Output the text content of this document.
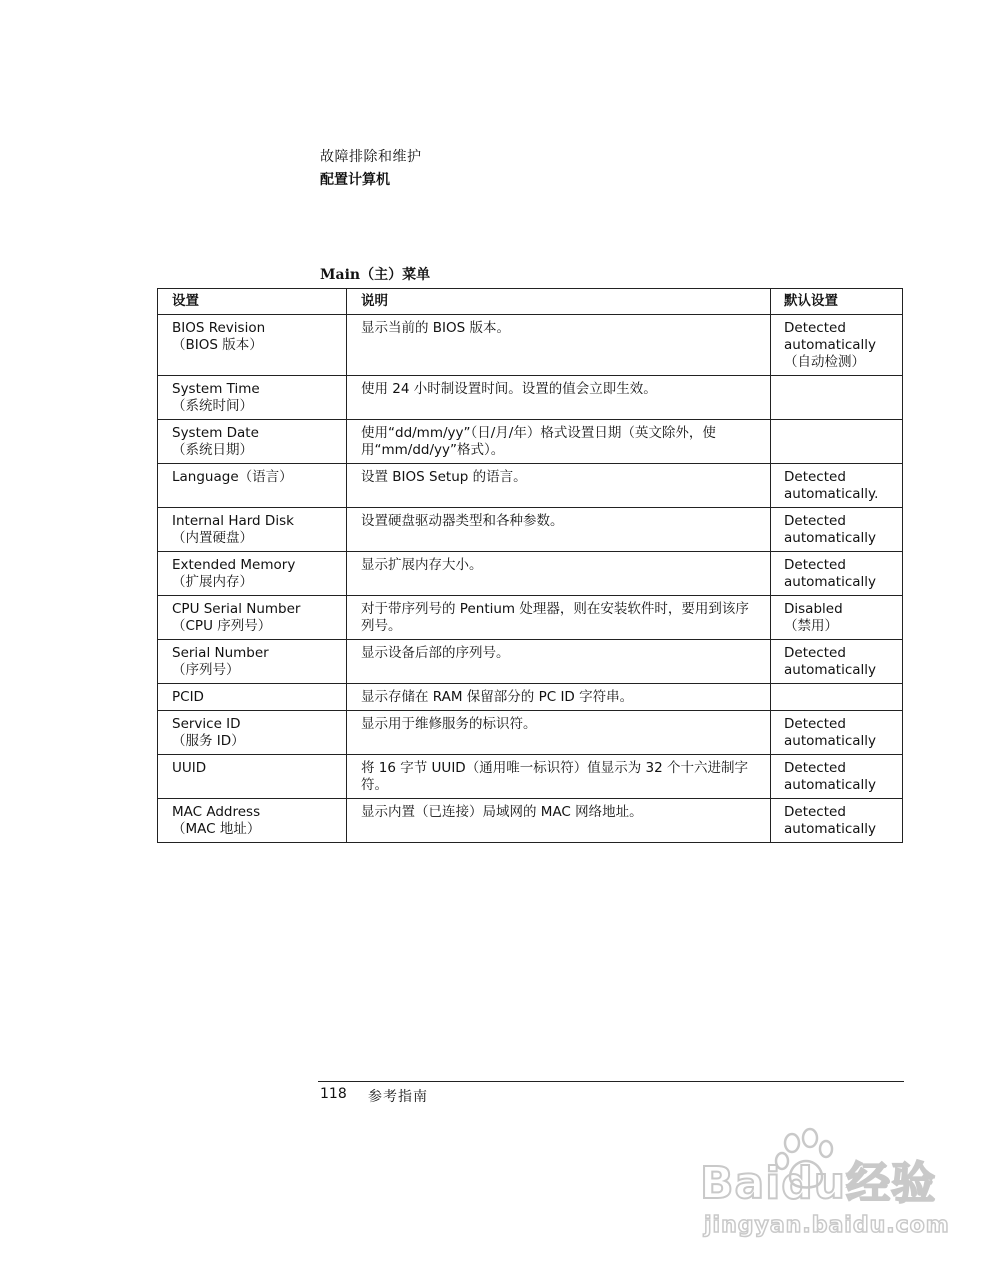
故障排除和维护
配置计算机
Main（主）菜单
设置	说明	默认设置

BIOS Revision
（BIOS 版本）	显示当前的 BIOS 版本。	Detected automatically
（自动检测）

System Time
（系统时间）	使用 24 小时制设置时间。设置的值会立即生效。	

System Date
（系统日期）	使用“dd/mm/yy”（日/月/年）格式设置日期（英文除外，使用“mm/dd/yy”格式）。	

Language（语言）	设置 BIOS Setup 的语言。	Detected automatically.

Internal Hard Disk
（内置硬盘）	设置硬盘驱动器类型和各种参数。	Detected automatically

Extended Memory
（扩展内存）	显示扩展内存大小。	Detected automatically

CPU Serial Number
（CPU 序列号）	对于带序列号的 Pentium 处理器，则在安装软件时，要用到该序列号。	Disabled
（禁用）

Serial Number
（序列号）	显示设备后部的序列号。	Detected automatically

PCID	显示存储在 RAM 保留部分的 PC ID 字符串。	

Service ID
（服务 ID）	显示用于维修服务的标识符。	Detected automatically

UUID	将 16 字节 UUID（通用唯一标识符）值显示为 32 个十六进制字符。	Detected automatically

MAC Address
（MAC 地址）	显示内置（已连接）局域网的 MAC 网络地址。	Detected automatically
118 参考指南
Baidu经验
jingyan.baidu.com
